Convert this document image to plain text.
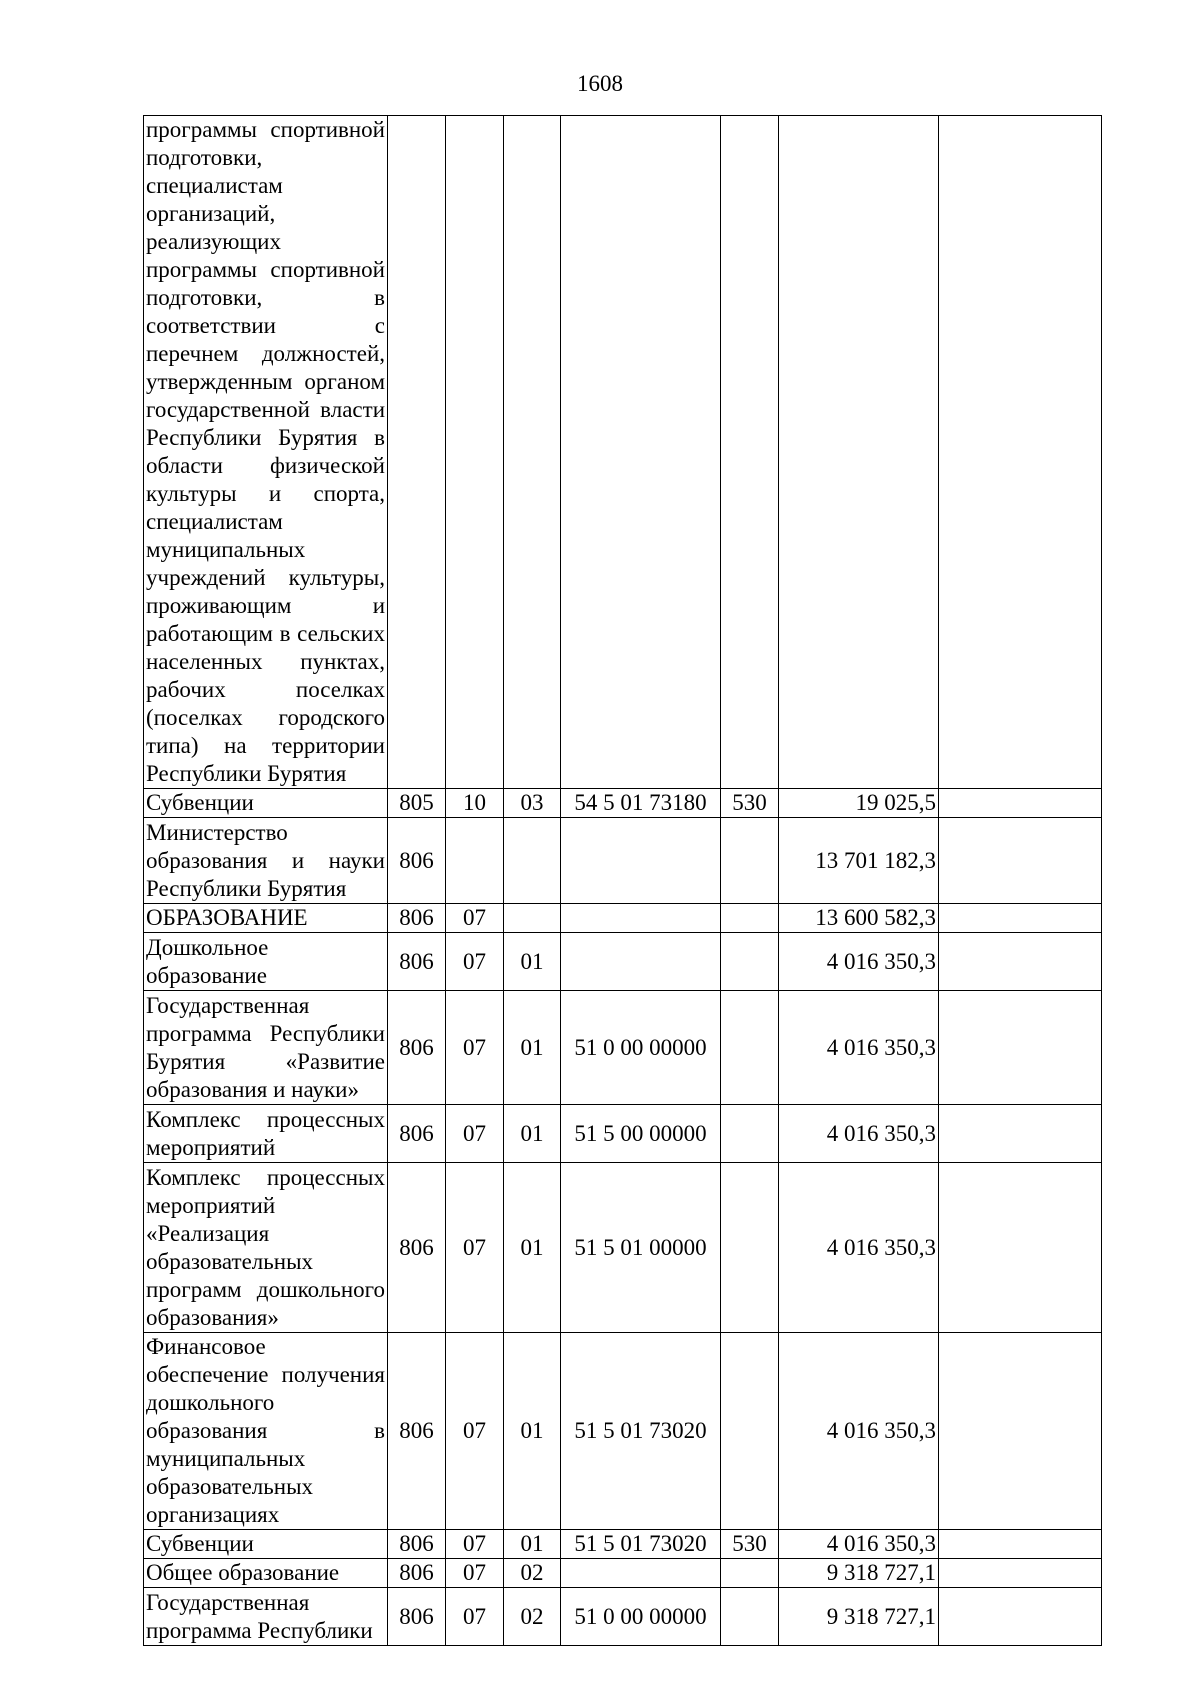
1608
программы спортивной подготовки, специалистам организаций, реализующих программы спортивной подготовки, в соответствии с перечнем должностей, утвержденным органом государственной власти Республики Бурятия в области физической культуры и спорта, специалистам муниципальных учреждений культуры, проживающим и работающим в сельских населенных пунктах, рабочих поселках (поселках городского типа) на территории Республики Бурятия							
Субвенции	805	10	03	54 5 01 73180	530	19 025,5	
Министерство образования и науки Республики Бурятия	806					13 701 182,3	
ОБРАЗОВАНИЕ	806	07				13 600 582,3	
Дошкольное образование	806	07	01			4 016 350,3	
Государственная программа Республики Бурятия «Развитие образования и науки»	806	07	01	51 0 00 00000		4 016 350,3	
Комплекс процессных мероприятий	806	07	01	51 5 00 00000		4 016 350,3	
Комплекс процессных мероприятий «Реализация образовательных программ дошкольного образования»	806	07	01	51 5 01 00000		4 016 350,3	
Финансовое обеспечение получения дошкольного образования в муниципальных образовательных организациях	806	07	01	51 5 01 73020		4 016 350,3	
Субвенции	806	07	01	51 5 01 73020	530	4 016 350,3	
Общее образование	806	07	02			9 318 727,1	
Государственная программа Республики	806	07	02	51 0 00 00000		9 318 727,1	
